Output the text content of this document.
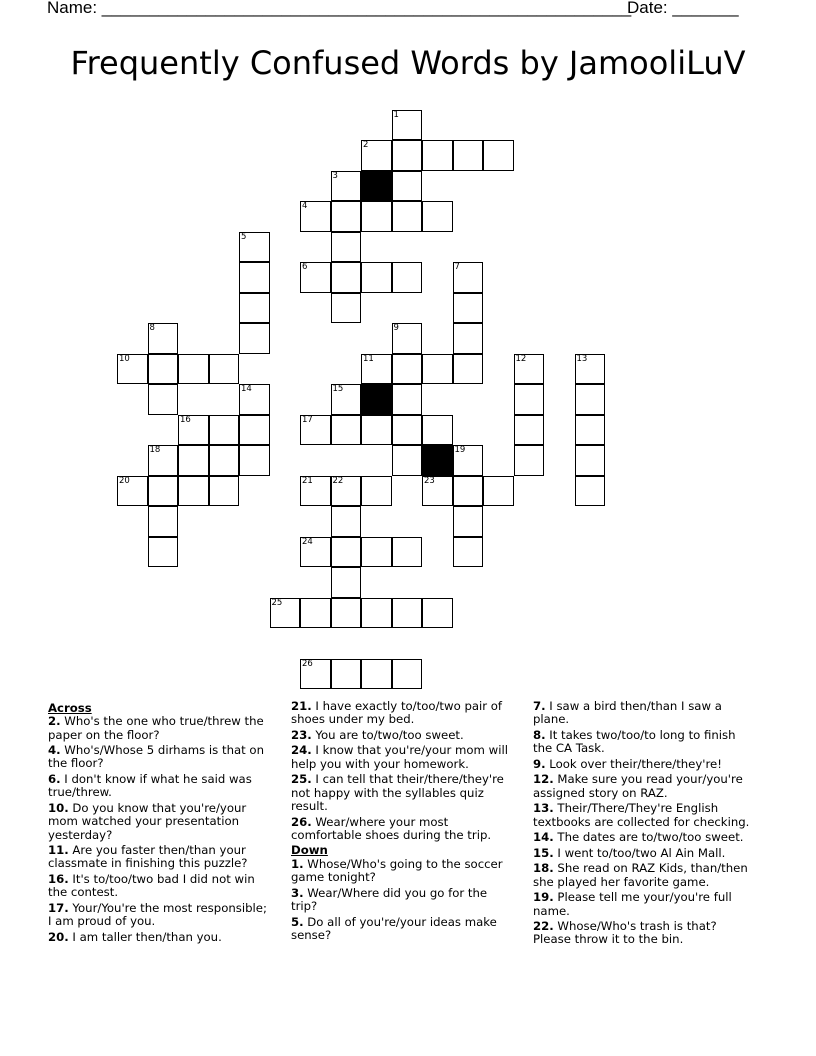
Name: ________________________________________________________
Date: _______
Frequently Confused Words by JamooliLuV
1
2
3
4
5
6	7
8	9
10	11	12	13
14	15
16	17
18	19
20	21 22	23
24
25
26
Across
2. Who's the one who true/threw the paper on the floor?
4. Who's/Whose 5 dirhams is that on the floor?
6. I don't know if what he said was true/threw.
10. Do you know that you're/your mom watched your presentation yesterday?
11. Are you faster then/than your classmate in finishing this puzzle?
16. It's to/too/two bad I did not win the contest.
17. Your/You're the most responsible; I am proud of you.
20. I am taller then/than you.
21. I have exactly to/too/two pair of shoes under my bed.
23. You are to/two/too sweet.
24. I know that you're/your mom will help you with your homework.
25. I can tell that their/there/they're not happy with the syllables quiz result.
26. Wear/where your most comfortable shoes during the trip.
Down
1. Whose/Who's going to the soccer game tonight?
3. Wear/Where did you go for the trip?
5. Do all of you're/your ideas make sense?
7. I saw a bird then/than I saw a plane.
8. It takes two/too/to long to finish the CA Task.
9. Look over their/there/they're!
12. Make sure you read your/you're assigned story on RAZ.
13. Their/There/They're English textbooks are collected for checking.
14. The dates are to/two/too sweet.
15. I went to/too/two Al Ain Mall.
18. She read on RAZ Kids, than/then she played her favorite game.
19. Please tell me your/you're full name.
22. Whose/Who's trash is that? Please throw it to the bin.
